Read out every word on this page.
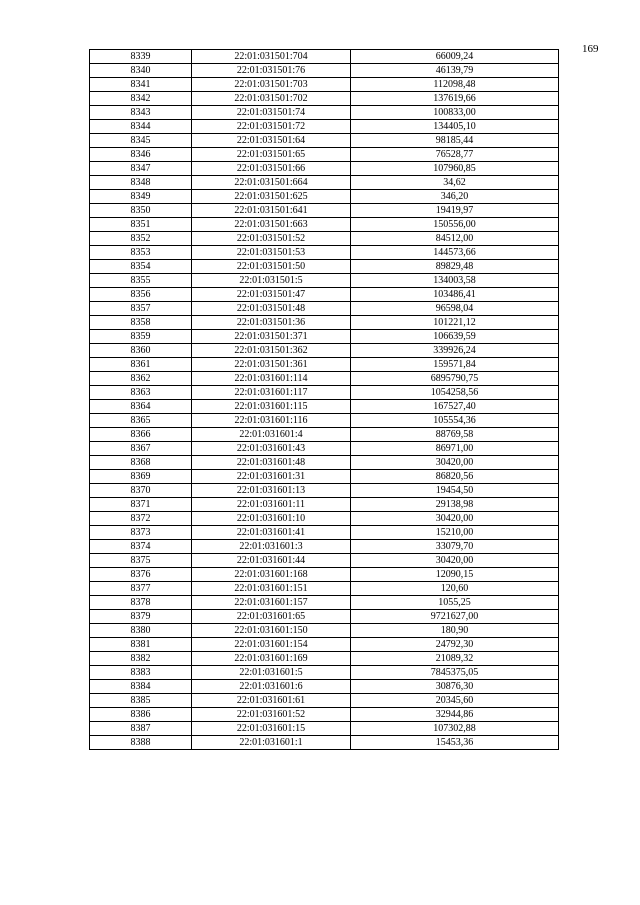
169
8339	22:01:031501:704	66009,24
8340	22:01:031501:76	46139,79
8341	22:01:031501:703	112098,48
8342	22:01:031501:702	137619,66
8343	22:01:031501:74	100833,00
8344	22:01:031501:72	134405,10
8345	22:01:031501:64	98185,44
8346	22:01:031501:65	76528,77
8347	22:01:031501:66	107960,85
8348	22:01:031501:664	34,62
8349	22:01:031501:625	346,20
8350	22:01:031501:641	19419,97
8351	22:01:031501:663	150556,00
8352	22:01:031501:52	84512,00
8353	22:01:031501:53	144573,66
8354	22:01:031501:50	89829,48
8355	22:01:031501:5	134003,58
8356	22:01:031501:47	103486,41
8357	22:01:031501:48	96598,04
8358	22:01:031501:36	101221,12
8359	22:01:031501:371	106639,59
8360	22:01:031501:362	339926,24
8361	22:01:031501:361	159571,84
8362	22:01:031601:114	6895790,75
8363	22:01:031601:117	1054258,56
8364	22:01:031601:115	167527,40
8365	22:01:031601:116	105554,36
8366	22:01:031601:4	88769,58
8367	22:01:031601:43	86971,00
8368	22:01:031601:48	30420,00
8369	22:01:031601:31	86820,56
8370	22:01:031601:13	19454,50
8371	22:01:031601:11	29138,98
8372	22:01:031601:10	30420,00
8373	22:01:031601:41	15210,00
8374	22:01:031601:3	33079,70
8375	22:01:031601:44	30420,00
8376	22:01:031601:168	12090,15
8377	22:01:031601:151	120,60
8378	22:01:031601:157	1055,25
8379	22:01:031601:65	9721627,00
8380	22:01:031601:150	180,90
8381	22:01:031601:154	24792,30
8382	22:01:031601:169	21089,32
8383	22:01:031601:5	7845375,05
8384	22:01:031601:6	30876,30
8385	22:01:031601:61	20345,60
8386	22:01:031601:52	32944,86
8387	22:01:031601:15	107302,88
8388	22:01:031601:1	15453,36
